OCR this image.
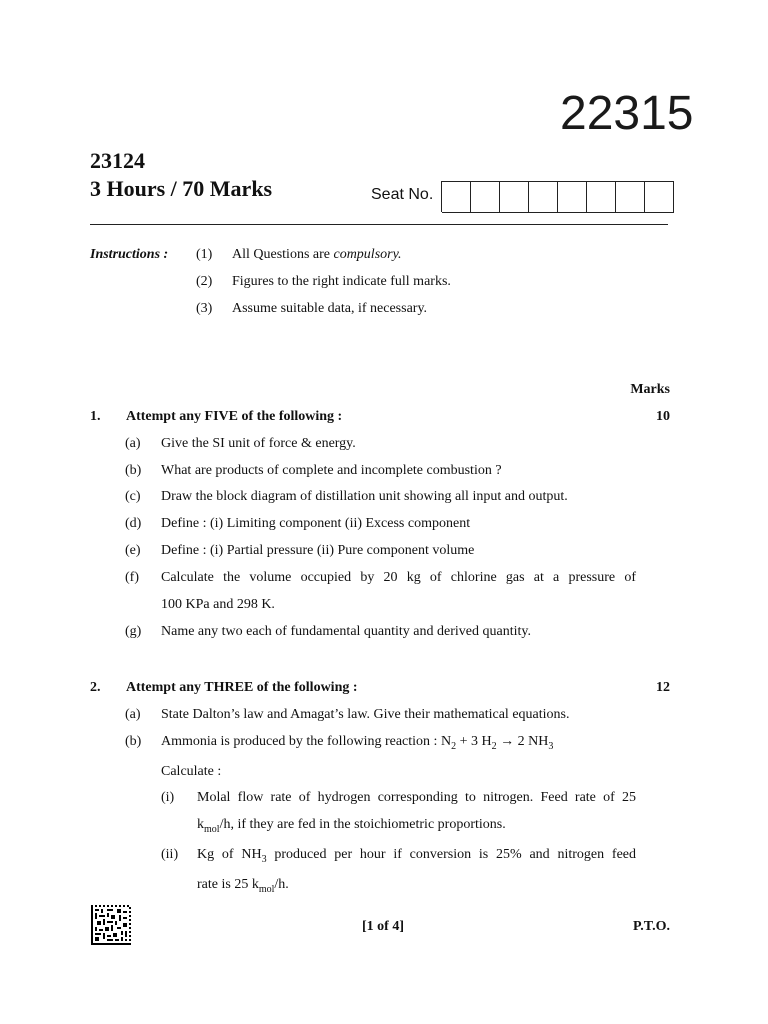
22315
23124
3 Hours / 70 Marks	Seat No.
Instructions : (1) All Questions are compulsory.
(2) Figures to the right indicate full marks.
(3) Assume suitable data, if necessary.
Marks
1. Attempt any FIVE of the following :	10
(a) Give the SI unit of force & energy.
(b) What are products of complete and incomplete combustion ?
(c) Draw the block diagram of distillation unit showing all input and output.
(d) Define : (i) Limiting component (ii) Excess component
(e) Define : (i) Partial pressure (ii) Pure component volume
(f) Calculate the volume occupied by 20 kg of chlorine gas at a pressure of
100 KPa and 298 K.
(g) Name any two each of fundamental quantity and derived quantity.
2. Attempt any THREE of the following :	12
(a) State Dalton’s law and Amagat’s law. Give their mathematical equations.
(b) Ammonia is produced by the following reaction : $N_2 + 3$ $H_2 \to 2$ $NH_3$
Calculate :
(i) Molal flow rate of hydrogen corresponding to nitrogen. Feed rate of 25
$k_{mol}/h$, if they are fed in the stoichiometric proportions.
(ii) Kg of $NH_3$ produced per hour if conversion is 25% and nitrogen feed
rate is 25 $k_{mol}/h$.
[1 of 4]	P.T.O.
